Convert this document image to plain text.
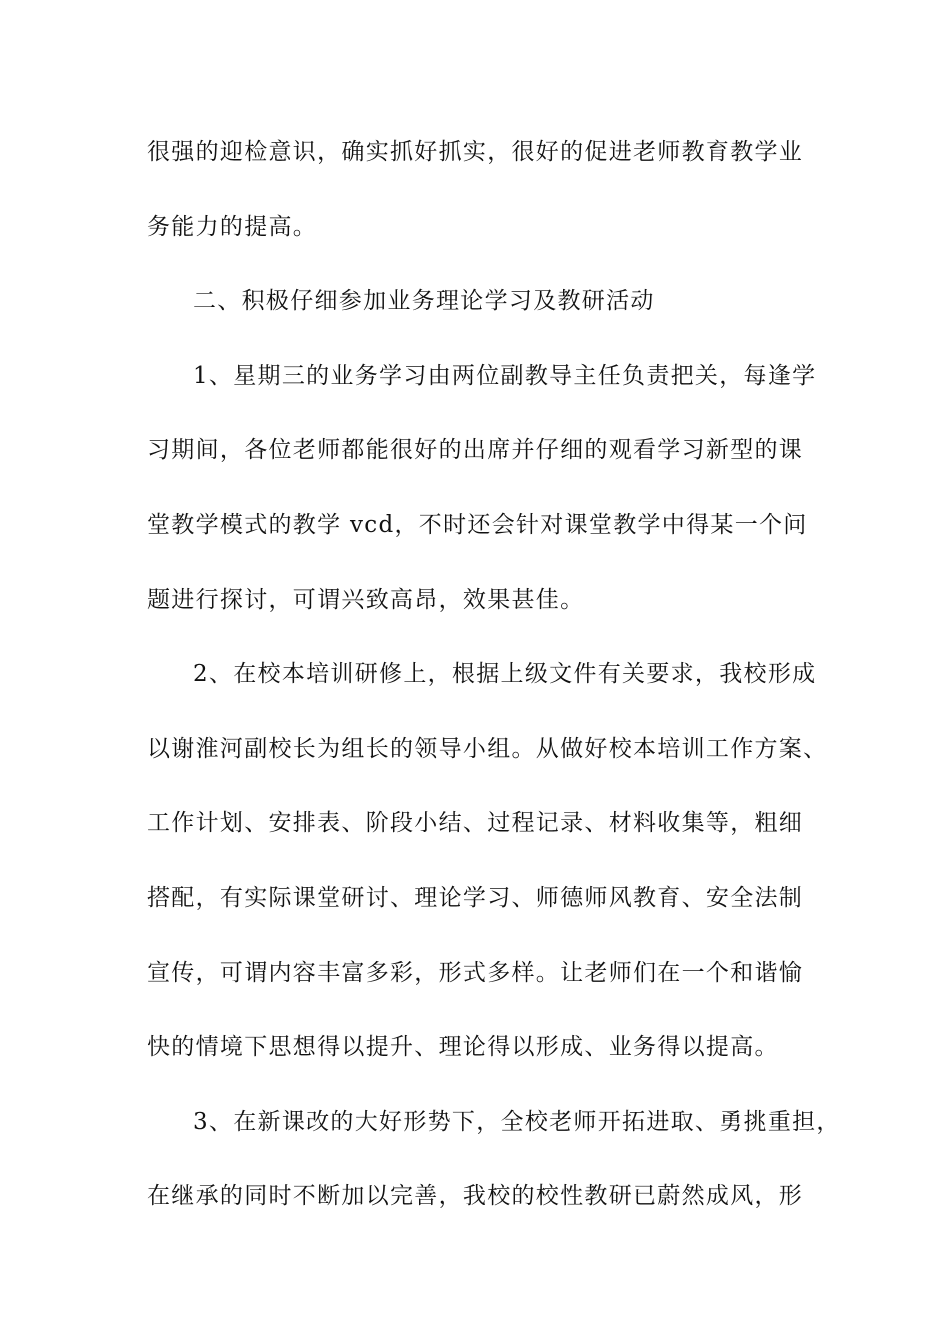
很强的迎检意识，确实抓好抓实，很好的促进老师教育教学业
务能力的提高。
二、积极仔细参加业务理论学习及教研活动
1、星期三的业务学习由两位副教导主任负责把关，每逢学
习期间，各位老师都能很好的出席并仔细的观看学习新型的课
堂教学模式的教学 vcd，不时还会针对课堂教学中得某一个问
题进行探讨，可谓兴致高昂，效果甚佳。
2、在校本培训研修上，根据上级文件有关要求，我校形成
以谢淮河副校长为组长的领导小组。从做好校本培训工作方案、
工作计划、安排表、阶段小结、过程记录、材料收集等，粗细
搭配，有实际课堂研讨、理论学习、师德师风教育、安全法制
宣传，可谓内容丰富多彩，形式多样。让老师们在一个和谐愉
快的情境下思想得以提升、理论得以形成、业务得以提高。
3、在新课改的大好形势下，全校老师开拓进取、勇挑重担，
在继承的同时不断加以完善，我校的校性教研已蔚然成风，形
